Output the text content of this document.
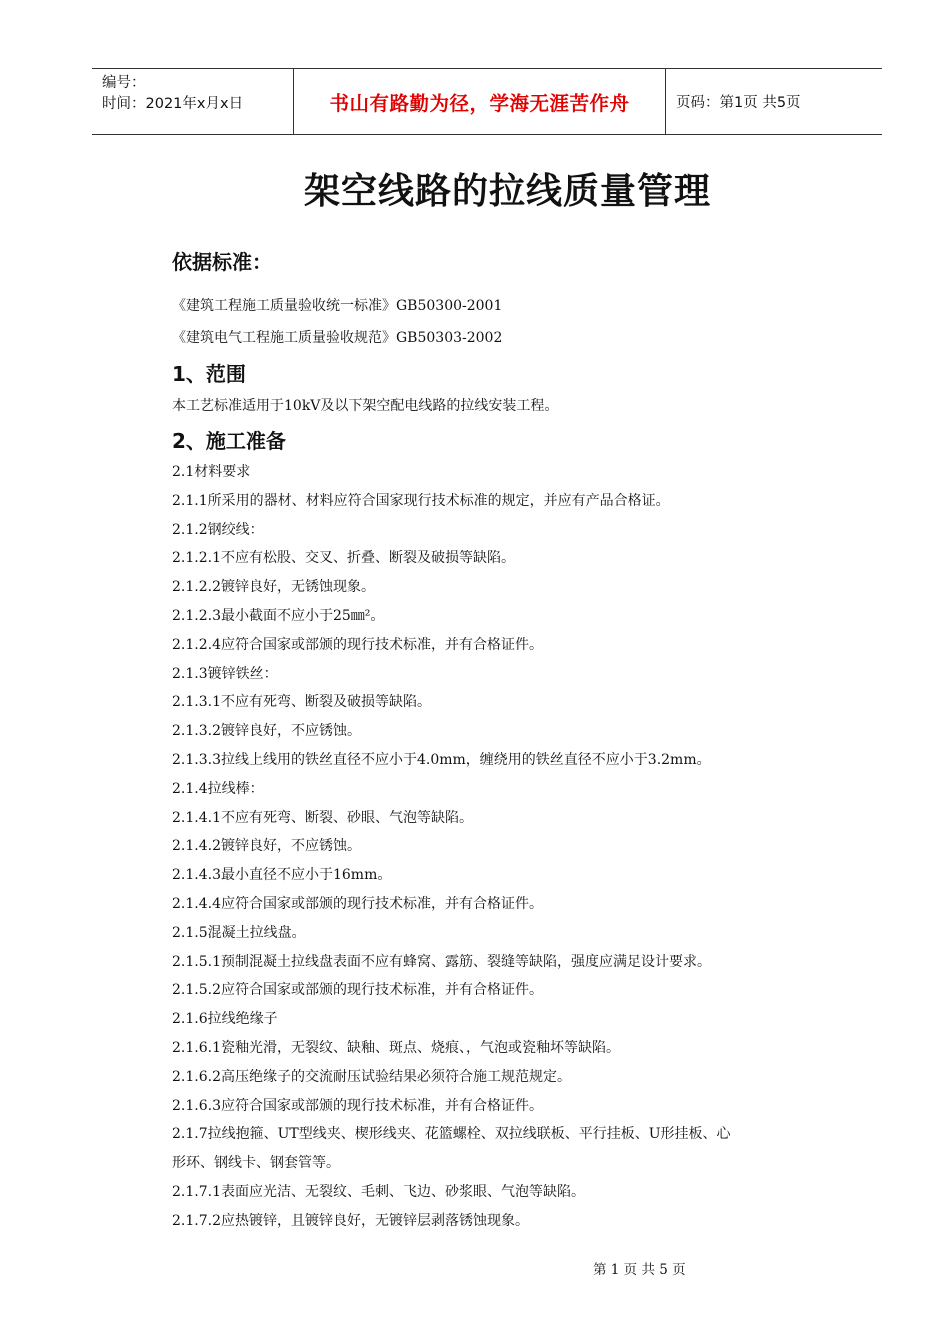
编号：
时间：2021年x月x日	书山有路勤为径，学海无涯苦作舟	页码：第1页 共5页
架空线路的拉线质量管理
依据标准：
《建筑工程施工质量验收统一标准》GB50300-2001
《建筑电气工程施工质量验收规范》GB50303-2002
1、范围
本工艺标准适用于10kV及以下架空配电线路的拉线安装工程。
2、施工准备
2.1材料要求
2.1.1所采用的器材、材料应符合国家现行技术标准的规定，并应有产品合格证。
2.1.2钢绞线：
2.1.2.1不应有松股、交叉、折叠、断裂及破损等缺陷。
2.1.2.2镀锌良好，无锈蚀现象。
2.1.2.3最小截面不应小于25㎜²。
2.1.2.4应符合国家或部颁的现行技术标准，并有合格证件。
2.1.3镀锌铁丝：
2.1.3.1不应有死弯、断裂及破损等缺陷。
2.1.3.2镀锌良好，不应锈蚀。
2.1.3.3拉线上线用的铁丝直径不应小于4.0mm，缠绕用的铁丝直径不应小于3.2mm。
2.1.4拉线棒：
2.1.4.1不应有死弯、断裂、砂眼、气泡等缺陷。
2.1.4.2镀锌良好，不应锈蚀。
2.1.4.3最小直径不应小于16mm。
2.1.4.4应符合国家或部颁的现行技术标准，并有合格证件。
2.1.5混凝土拉线盘。
2.1.5.1预制混凝土拉线盘表面不应有蜂窝、露筋、裂缝等缺陷，强度应满足设计要求。
2.1.5.2应符合国家或部颁的现行技术标准，并有合格证件。
2.1.6拉线绝缘子
2.1.6.1瓷釉光滑，无裂纹、缺釉、斑点、烧痕、，气泡或瓷釉坏等缺陷。
2.1.6.2高压绝缘子的交流耐压试验结果必须符合施工规范规定。
2.1.6.3应符合国家或部颁的现行技术标准，并有合格证件。
2.1.7拉线抱箍、UT型线夹、楔形线夹、花篮螺栓、双拉线联板、平行挂板、U形挂板、心
形环、钢线卡、钢套管等。
2.1.7.1表面应光洁、无裂纹、毛刺、飞边、砂浆眼、气泡等缺陷。
2.1.7.2应热镀锌，且镀锌良好，无镀锌层剥落锈蚀现象。
第 1 页 共 5 页
